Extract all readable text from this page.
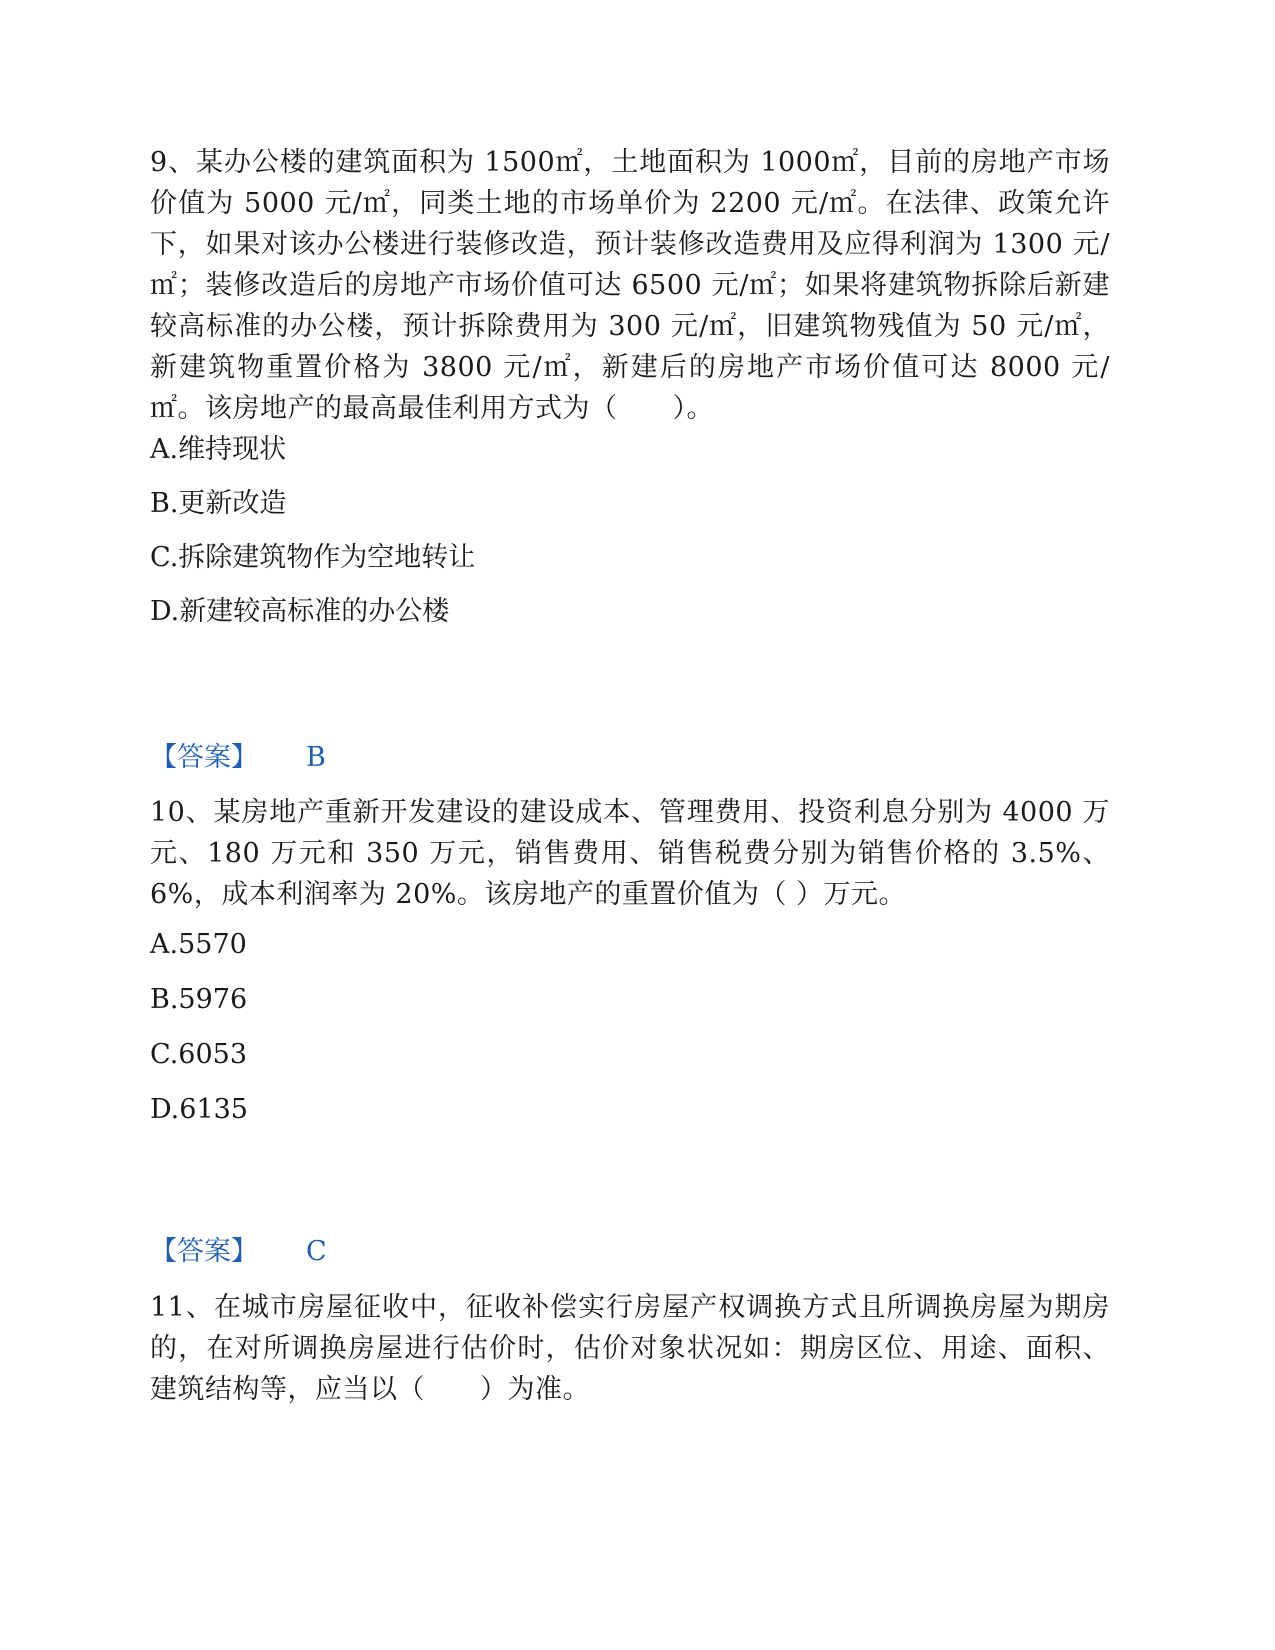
9、某办公楼的建筑面积为 1500㎡，土地面积为 1000㎡，目前的房地产市场价值为 5000 元/㎡，同类土地的市场单价为 2200 元/㎡。在法律、政策允许下，如果对该办公楼进行装修改造，预计装修改造费用及应得利润为 1300 元/㎡；装修改造后的房地产市场价值可达 6500 元/㎡；如果将建筑物拆除后新建较高标准的办公楼，预计拆除费用为 300 元/㎡，旧建筑物残值为 50 元/㎡，新建筑物重置价格为 3800 元/㎡，新建后的房地产市场价值可达 8000 元/㎡。该房地产的最高最佳利用方式为（　　）。

A.维持现状

B.更新改造

C.拆除建筑物作为空地转让

D.新建较高标准的办公楼

【答案】 B

10、某房地产重新开发建设的建设成本、管理费用、投资利息分别为 4000 万元、180 万元和 350 万元，销售费用、销售税费分别为销售价格的 3.5%、6%，成本利润率为 20%。该房地产的重置价值为（ ）万元。

A.5570

B.5976

C.6053

D.6135

【答案】 C

11、在城市房屋征收中，征收补偿实行房屋产权调换方式且所调换房屋为期房的，在对所调换房屋进行估价时，估价对象状况如：期房区位、用途、面积、建筑结构等，应当以（　　）为准。
